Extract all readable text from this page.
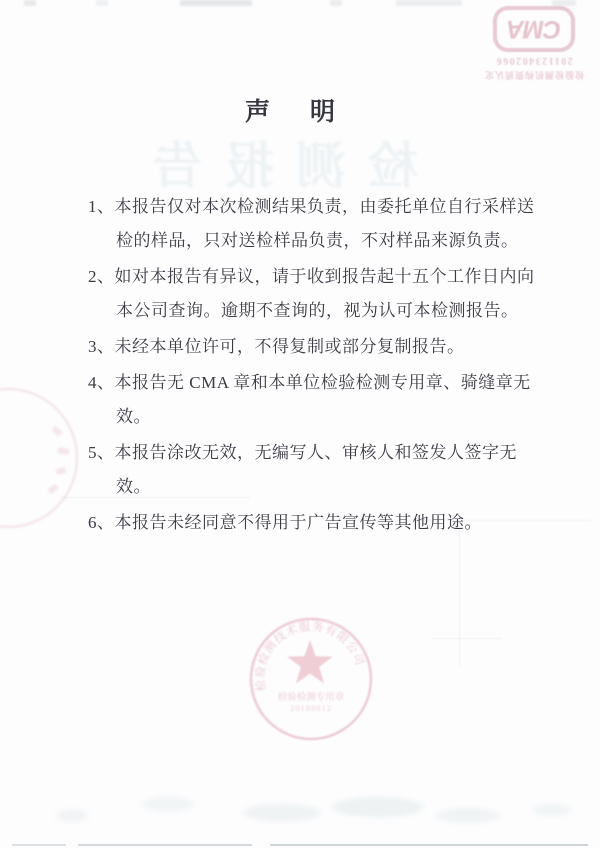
检测报告
检验检测机构资质认定
201123402066
CMA
声 明
1、本报告仅对本次检测结果负责，由委托单位自行采样送检的样品，只对送检样品负责，不对样品来源负责。
2、如对本报告有异议，请于收到报告起十五个工作日内向本公司查询。逾期不查询的，视为认可本检测报告。
3、未经本单位许可，不得复制或部分复制报告。
4、本报告无 CMA 章和本单位检验检测专用章、骑缝章无效。
5、本报告涂改无效，无编写人、审核人和签发人签字无效。
6、本报告未经同意不得用于广告宣传等其他用途。
检验检测技术服务有限公司
检验检测专用章
20180012
